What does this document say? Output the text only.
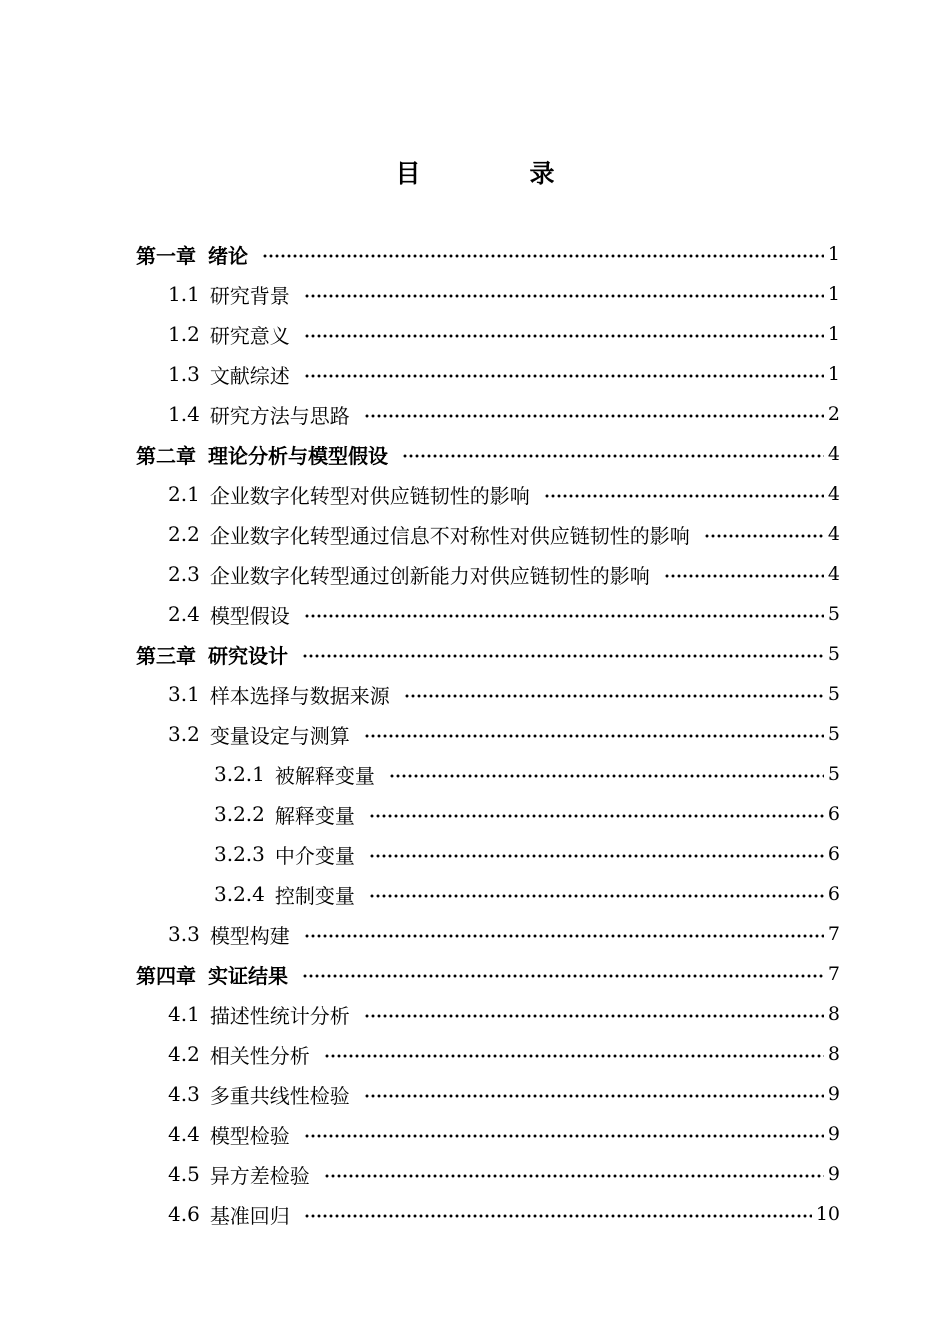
目　录
第一章 绪论	1
1.1 研究背景	1
1.2 研究意义	1
1.3 文献综述	1
1.4 研究方法与思路	2
第二章 理论分析与模型假设	4
2.1 企业数字化转型对供应链韧性的影响	4
2.2 企业数字化转型通过信息不对称性对供应链韧性的影响	4
2.3 企业数字化转型通过创新能力对供应链韧性的影响	4
2.4 模型假设	5
第三章 研究设计	5
3.1 样本选择与数据来源	5
3.2 变量设定与测算	5
3.2.1 被解释变量	5
3.2.2 解释变量	6
3.2.3 中介变量	6
3.2.4 控制变量	6
3.3 模型构建	7
第四章 实证结果	7
4.1 描述性统计分析	8
4.2 相关性分析	8
4.3 多重共线性检验	9
4.4 模型检验	9
4.5 异方差检验	9
4.6 基准回归	10
